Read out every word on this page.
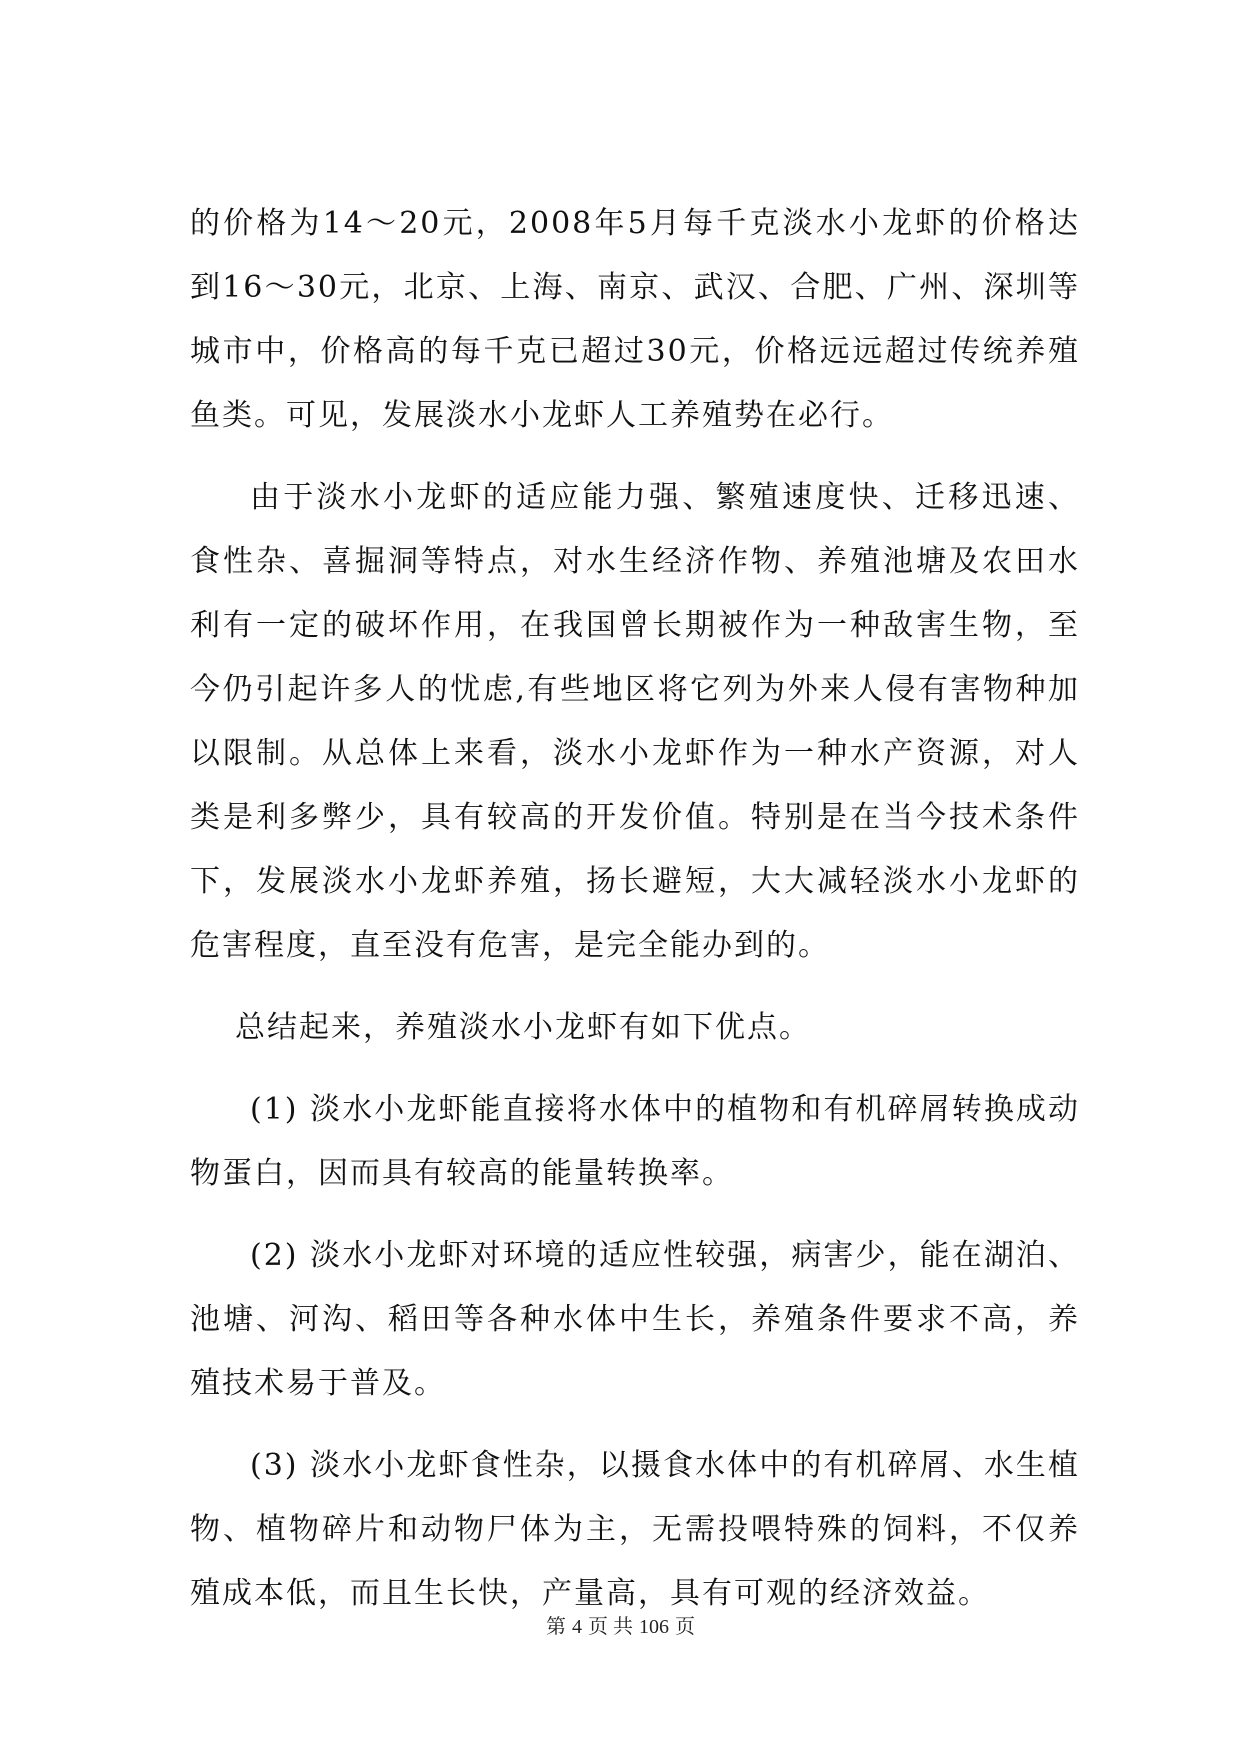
的价格为14～20元，2008年5月每千克淡水小龙虾的价格达到16～30元，北京、上海、南京、武汉、合肥、广州、深圳等城市中，价格高的每千克已超过30元，价格远远超过传统养殖鱼类。可见，发展淡水小龙虾人工养殖势在必行。

由于淡水小龙虾的适应能力强、繁殖速度快、迁移迅速、食性杂、喜掘洞等特点，对水生经济作物、养殖池塘及农田水利有一定的破坏作用，在我国曾长期被作为一种敌害生物，至今仍引起许多人的忧虑,有些地区将它列为外来人侵有害物种加以限制。从总体上来看，淡水小龙虾作为一种水产资源，对人类是利多弊少，具有较高的开发价值。特别是在当今技术条件下，发展淡水小龙虾养殖，扬长避短，大大减轻淡水小龙虾的危害程度，直至没有危害，是完全能办到的。

总结起来，养殖淡水小龙虾有如下优点。

(1) 淡水小龙虾能直接将水体中的植物和有机碎屑转换成动物蛋白，因而具有较高的能量转换率。

(2) 淡水小龙虾对环境的适应性较强，病害少，能在湖泊、池塘、河沟、稻田等各种水体中生长，养殖条件要求不高，养殖技术易于普及。

(3) 淡水小龙虾食性杂，以摄食水体中的有机碎屑、水生植物、植物碎片和动物尸体为主，无需投喂特殊的饲料，不仅养殖成本低，而且生长快，产量高，具有可观的经济效益。

第 4 页 共 106 页
